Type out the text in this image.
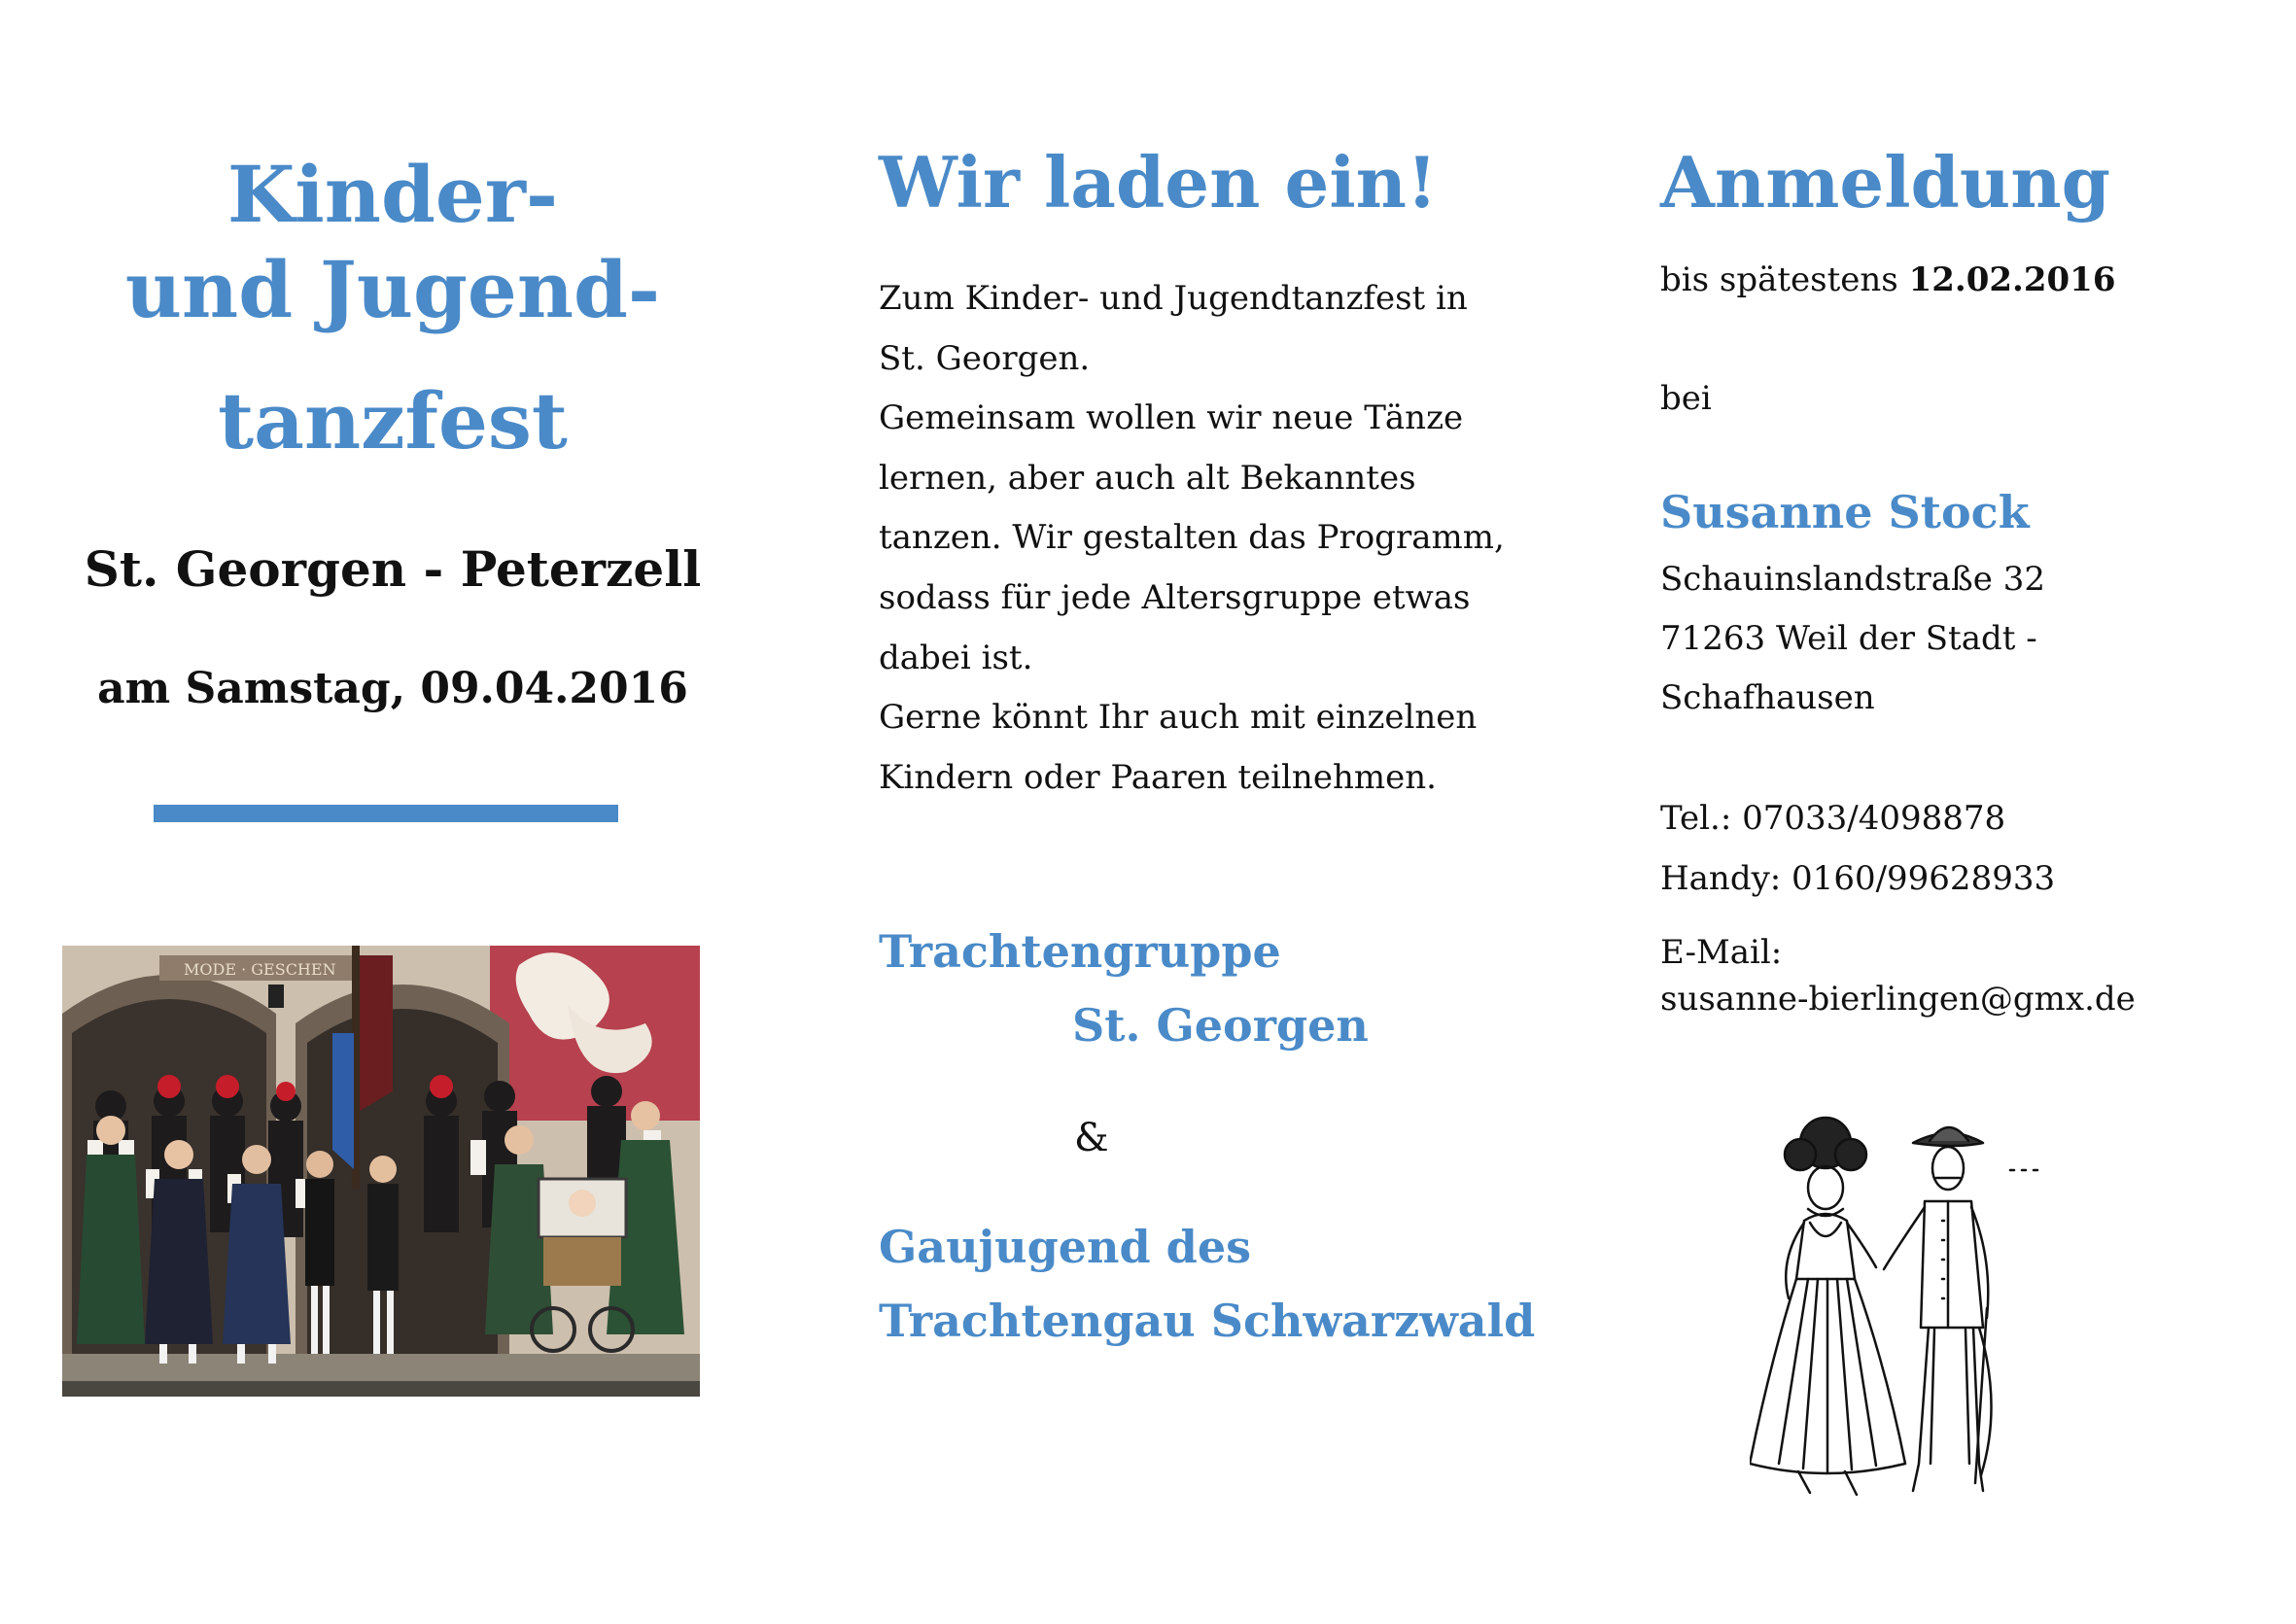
Kinder-
und Jugend-
tanzfest
St. Georgen - Peterzell
am Samstag, 09.04.2016
MODE · GESCHEN
Wir laden ein!

Zum Kinder- und Jugendtanzfest in
St. Georgen.
Gemeinsam wollen wir neue Tänze
lernen, aber auch alt Bekanntes
tanzen. Wir gestalten das Programm,
sodass für jede Altersgruppe etwas
dabei ist.
Gerne könnt Ihr auch mit einzelnen
Kindern oder Paaren teilnehmen.

Trachtengruppe
St. Georgen
&
Gaujugend des
Trachtengau Schwarzwald
Anmeldung
bis spätestens 12.02.2016
bei
Susanne Stock
Schauinslandstraße 32
71263 Weil der Stadt -
Schafhausen
Tel.: 07033/4098878
Handy: 0160/99628933
E-Mail:
susanne-bierlingen@gmx.de
